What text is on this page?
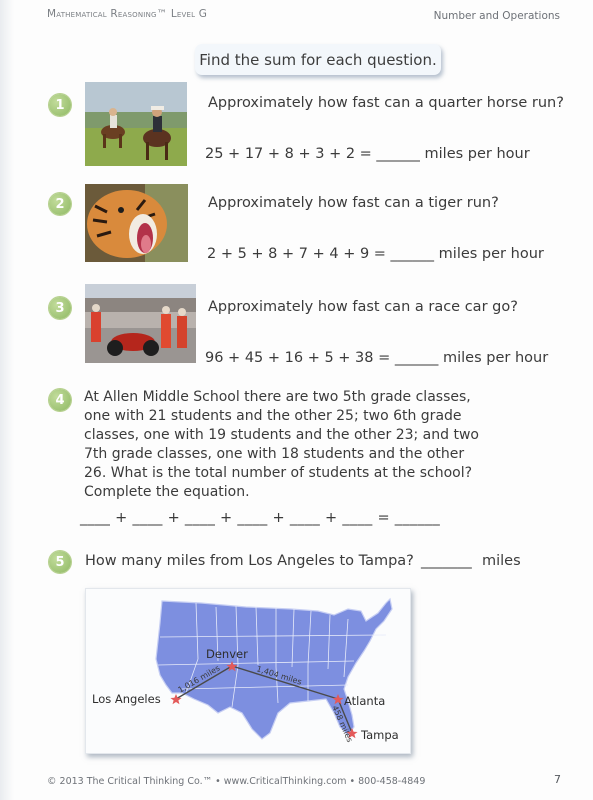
Mathematical Reasoning™ Level G	Number and Operations
Find the sum for each question.
1	Approximately how fast can a quarter horse run?
25 + 17 + 8 + 3 + 2 = ______ miles per hour
2	Approximately how fast can a tiger run?
2 + 5 + 8 + 7 + 4 + 9 = ______ miles per hour
3	Approximately how fast can a race car go?
96 + 45 + 16 + 5 + 38 = ______ miles per hour
4	At Allen Middle School there are two 5th grade classes,
one with 21 students and the other 25; two 6th grade
classes, one with 19 students and the other 23; and two
7th grade classes, one with 18 students and the other
26. What is the total number of students at the school?
Complete the equation.
____ + ____ + ____ + ____ + ____ + ____ = ______
5	How many miles from Los Angeles to Tampa? _______ miles
Los Angeles
Denver
Atlanta
Tampa
1,016 miles	1,404 miles
458 miles
© 2013 The Critical Thinking Co.™ • www.CriticalThinking.com • 800-458-4849	7
